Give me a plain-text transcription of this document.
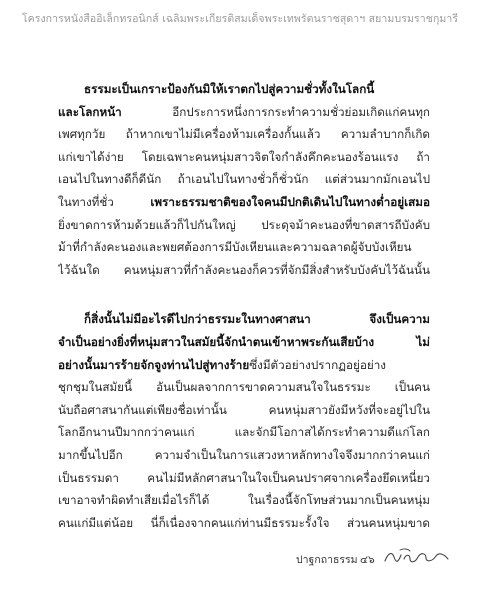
โครงการหนังสืออิเล็กทรอนิกส์ เฉลิมพระเกียรติสมเด็จพระเทพรัตนราชสุดาฯ สยามบรมราชกุมารี
ธรรมะเป็นเกราะป้องกันมิให้เราตกไปสู่ความชั่วทั้งในโลกนี้
และโลกหน้า อีกประการหนึ่งการกระทำความชั่วย่อมเกิดแก่คนทุก
เพศทุกวัย ถ้าหากเขาไม่มีเครื่องห้ามเครื่องกั้นแล้ว ความลำบากก็เกิด
แก่เขาได้ง่าย โดยเฉพาะคนหนุ่มสาวจิตใจกำลังคึกคะนองร้อนแรง ถ้า
เอนไปในทางดีก็ดีนัก ถ้าเอนไปในทางชั่วก็ชั่วนัก แต่ส่วนมากมักเอนไป
ในทางที่ชั่ว เพราะธรรมชาติของใจคนมีปกติเดินไปในทางต่ำอยู่เสมอ
ยิ่งขาดการห้ามด้วยแล้วก็ไปกันใหญ่ ประดุจม้าคะนองที่ขาดสารถีบังคับ
ม้าที่กำลังคะนองและพยศต้องการมีบังเหียนและความฉลาดผู้จับบังเหียน
ไว้ฉันใด คนหนุ่มสาวที่กำลังคะนองก็ควรที่จักมีสิ่งสำหรับบังคับไว้ฉันนั้น
ก็สิ่งนั้นไม่มีอะไรดีไปกว่าธรรมะในทางศาสนา จึงเป็นความ
จำเป็นอย่างยิ่งที่หนุ่มสาวในสมัยนี้จักนำตนเข้าหาพระกันเสียบ้าง ไม่
อย่างนั้นมารร้ายจักจูงท่านไปสู่ทางร้ายซึ่งมีตัวอย่างปรากฏอยู่อย่าง
ชุกชุมในสมัยนี้ อันเป็นผลจากการขาดความสนใจในธรรมะ เป็นคน
นับถือศาสนากันแต่เพียงชื่อเท่านั้น คนหนุ่มสาวยังมีหวังที่จะอยู่ไปใน
โลกอีกนานปีมากกว่าคนแก่ และจักมีโอกาสได้กระทำความดีแก่โลก
มากขึ้นไปอีก ความจำเป็นในการแสวงหาหลักทางใจจึงมากกว่าคนแก่
เป็นธรรมดา คนไม่มีหลักศาสนาในใจเป็นคนปราศจากเครื่องยึดเหนี่ยว
เขาอาจทำผิดทำเสียเมื่อไรก็ได้ ในเรื่องนี้จักโทษส่วนมากเป็นคนหนุ่ม
คนแก่มีแต่น้อย นี่ก็เนื่องจากคนแก่ท่านมีธรรมะรั้งใจ ส่วนคนหนุ่มขาด
ปาฐกถาธรรม ๔๖
